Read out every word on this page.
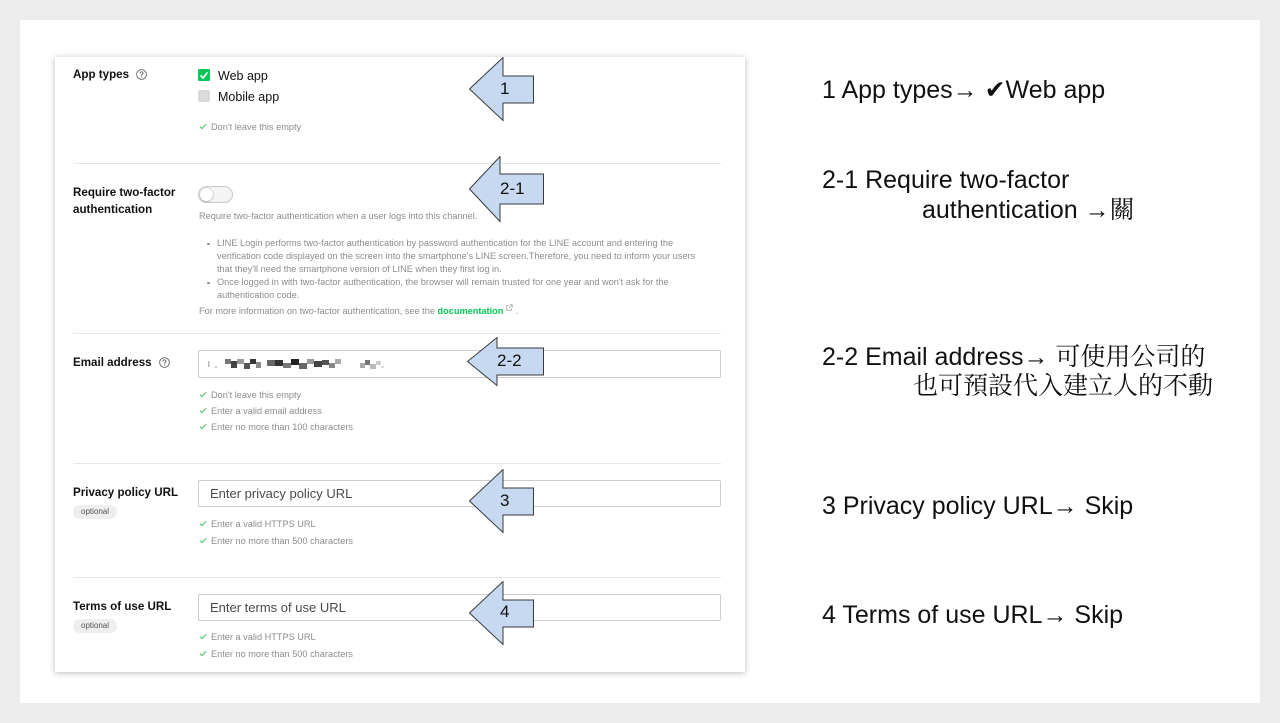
App types	Web app
Mobile app
Don't leave this empty
Require two-factor
authentication	Require two-factor authentication when a user logs into this channel.
LINE Login performs two-factor authentication by password authentication for the LINE account and entering the verification code displayed on the screen into the smartphone's LINE screen.Therefore, you need to inform your users that they'll need the smartphone version of LINE when they first log in.
Once logged in with two-factor authentication, the browser will remain trusted for one year and won't ask for the authentication code.
For more information on two-factor authentication, see the documentation .
Email address
Don't leave this empty
Enter a valid email address
Enter no more than 100 characters
Privacy policy URL
optional
Enter privacy policy URL
Enter a valid HTTPS URL
Enter no more than 500 characters
Terms of use URL
optional
Enter terms of use URL
Enter a valid HTTPS URL
Enter no more than 500 characters
1
2-1
2-2
3
4
1 App types→ ✔Web app
2-1 Require two-factor
authentication →關
2-2 Email address→ 可使用公司的
也可預設代入建立人的不動
3 Privacy policy URL→ Skip
4 Terms of use URL→ Skip
